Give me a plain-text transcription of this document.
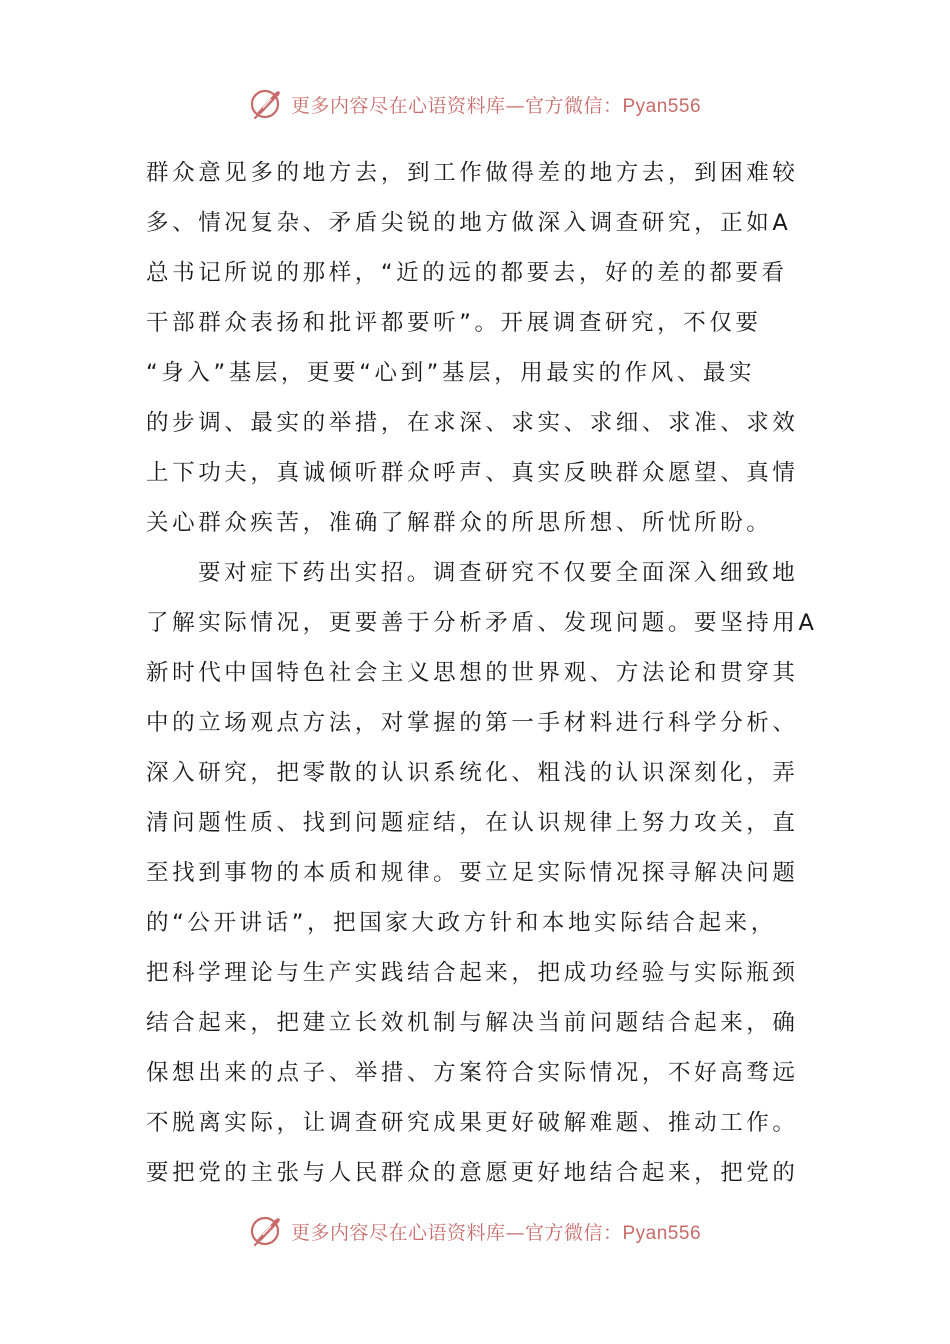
更多内容尽在心语资料库—官方微信：Pyan556

群众意见多的地方去，到工作做得差的地方去，到困难较
多、情况复杂、矛盾尖锐的地方做深入调查研究，正如A
总书记所说的那样，“近的远的都要去，好的差的都要看
干部群众表扬和批评都要听”。开展调查研究，不仅要
“身入”基层，更要“心到”基层，用最实的作风、最实
的步调、最实的举措，在求深、求实、求细、求准、求效
上下功夫，真诚倾听群众呼声、真实反映群众愿望、真情
关心群众疾苦，准确了解群众的所思所想、所忧所盼。

要对症下药出实招。调查研究不仅要全面深入细致地
了解实际情况，更要善于分析矛盾、发现问题。要坚持用A
新时代中国特色社会主义思想的世界观、方法论和贯穿其
中的立场观点方法，对掌握的第一手材料进行科学分析、
深入研究，把零散的认识系统化、粗浅的认识深刻化，弄
清问题性质、找到问题症结，在认识规律上努力攻关，直
至找到事物的本质和规律。要立足实际情况探寻解决问题
的“公开讲话”，把国家大政方针和本地实际结合起来，
把科学理论与生产实践结合起来，把成功经验与实际瓶颈
结合起来，把建立长效机制与解决当前问题结合起来，确
保想出来的点子、举措、方案符合实际情况，不好高骛远
不脱离实际，让调查研究成果更好破解难题、推动工作。
要把党的主张与人民群众的意愿更好地结合起来，把党的

更多内容尽在心语资料库—官方微信：Pyan556
